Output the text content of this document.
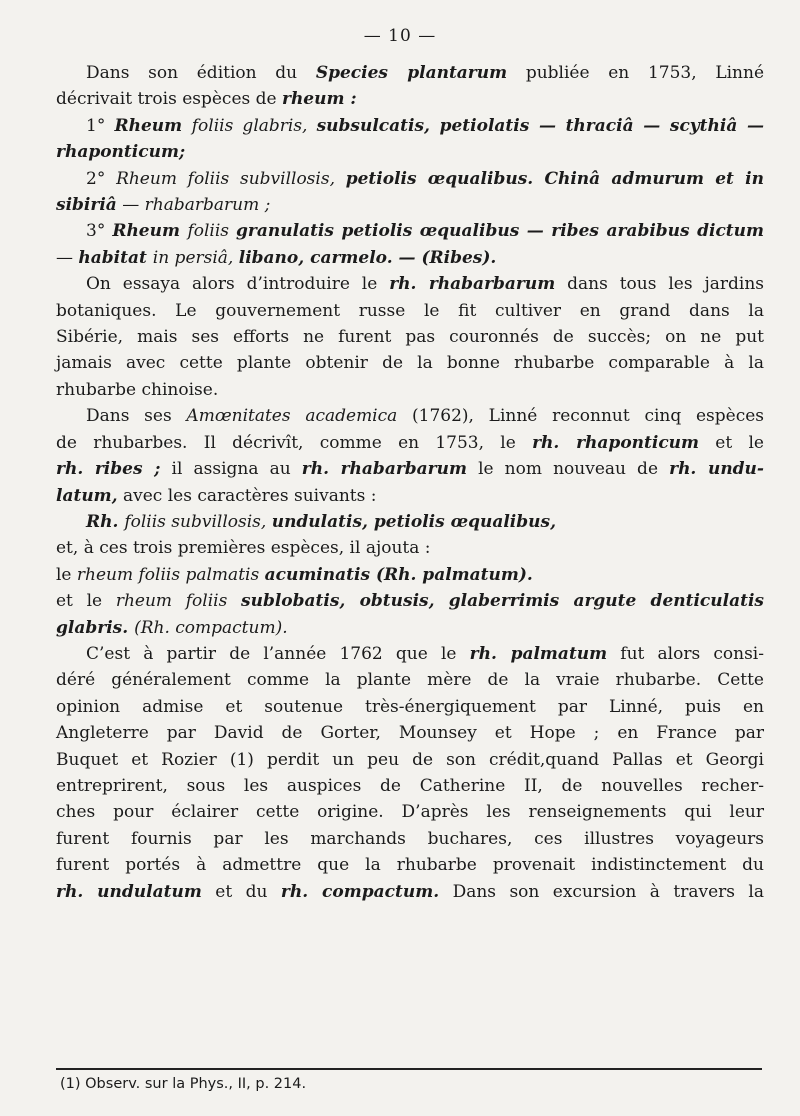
— 10 —
Dans son édition du Species plantarum publiée en 1753, Linné
décrivait trois espèces de rheum :
1° Rheum foliis glabris, subsulcatis, petiolatis — thraciâ — scythiâ —
rhaponticum;
2° Rheum foliis subvillosis, petiolis œqualibus. Chinâ admurum et in
sibiriâ — rhabarbarum ;
3° Rheum foliis granulatis petiolis œqualibus — ribes arabibus dictum
— habitat in persiâ, libano, carmelo. — (Ribes).
On essaya alors d’introduire le rh. rhabarbarum dans tous les jardins
botaniques. Le gouvernement russe le fit cultiver en grand dans la
Sibérie, mais ses efforts ne furent pas couronnés de succès; on ne put
jamais avec cette plante obtenir de la bonne rhubarbe comparable à la
rhubarbe chinoise.
Dans ses Amœnitates academica (1762), Linné reconnut cinq espèces
de rhubarbes. Il décrivît, comme en 1753, le rh. rhaponticum et le
rh. ribes ; il assigna au rh. rhabarbarum le nom nouveau de rh. undu-
latum, avec les caractères suivants :
Rh. foliis subvillosis, undulatis, petiolis œqualibus,
et, à ces trois premières espèces, il ajouta :
le rheum foliis palmatis acuminatis (Rh. palmatum).
et le rheum foliis sublobatis, obtusis, glaberrimis argute denticulatis
glabris. (Rh. compactum).
C’est à partir de l’année 1762 que le rh. palmatum fut alors consi-
déré généralement comme la plante mère de la vraie rhubarbe. Cette
opinion admise et soutenue très-énergiquement par Linné, puis en
Angleterre par David de Gorter, Mounsey et Hope ; en France par
Buquet et Rozier (1) perdit un peu de son crédit,quand Pallas et Georgi
entreprirent, sous les auspices de Catherine II, de nouvelles recher-
ches pour éclairer cette origine. D’après les renseignements qui leur
furent fournis par les marchands buchares, ces illustres voyageurs
furent portés à admettre que la rhubarbe provenait indistinctement du
rh. undulatum et du rh. compactum. Dans son excursion à travers la
(1) Observ. sur la Phys., II, p. 214.
